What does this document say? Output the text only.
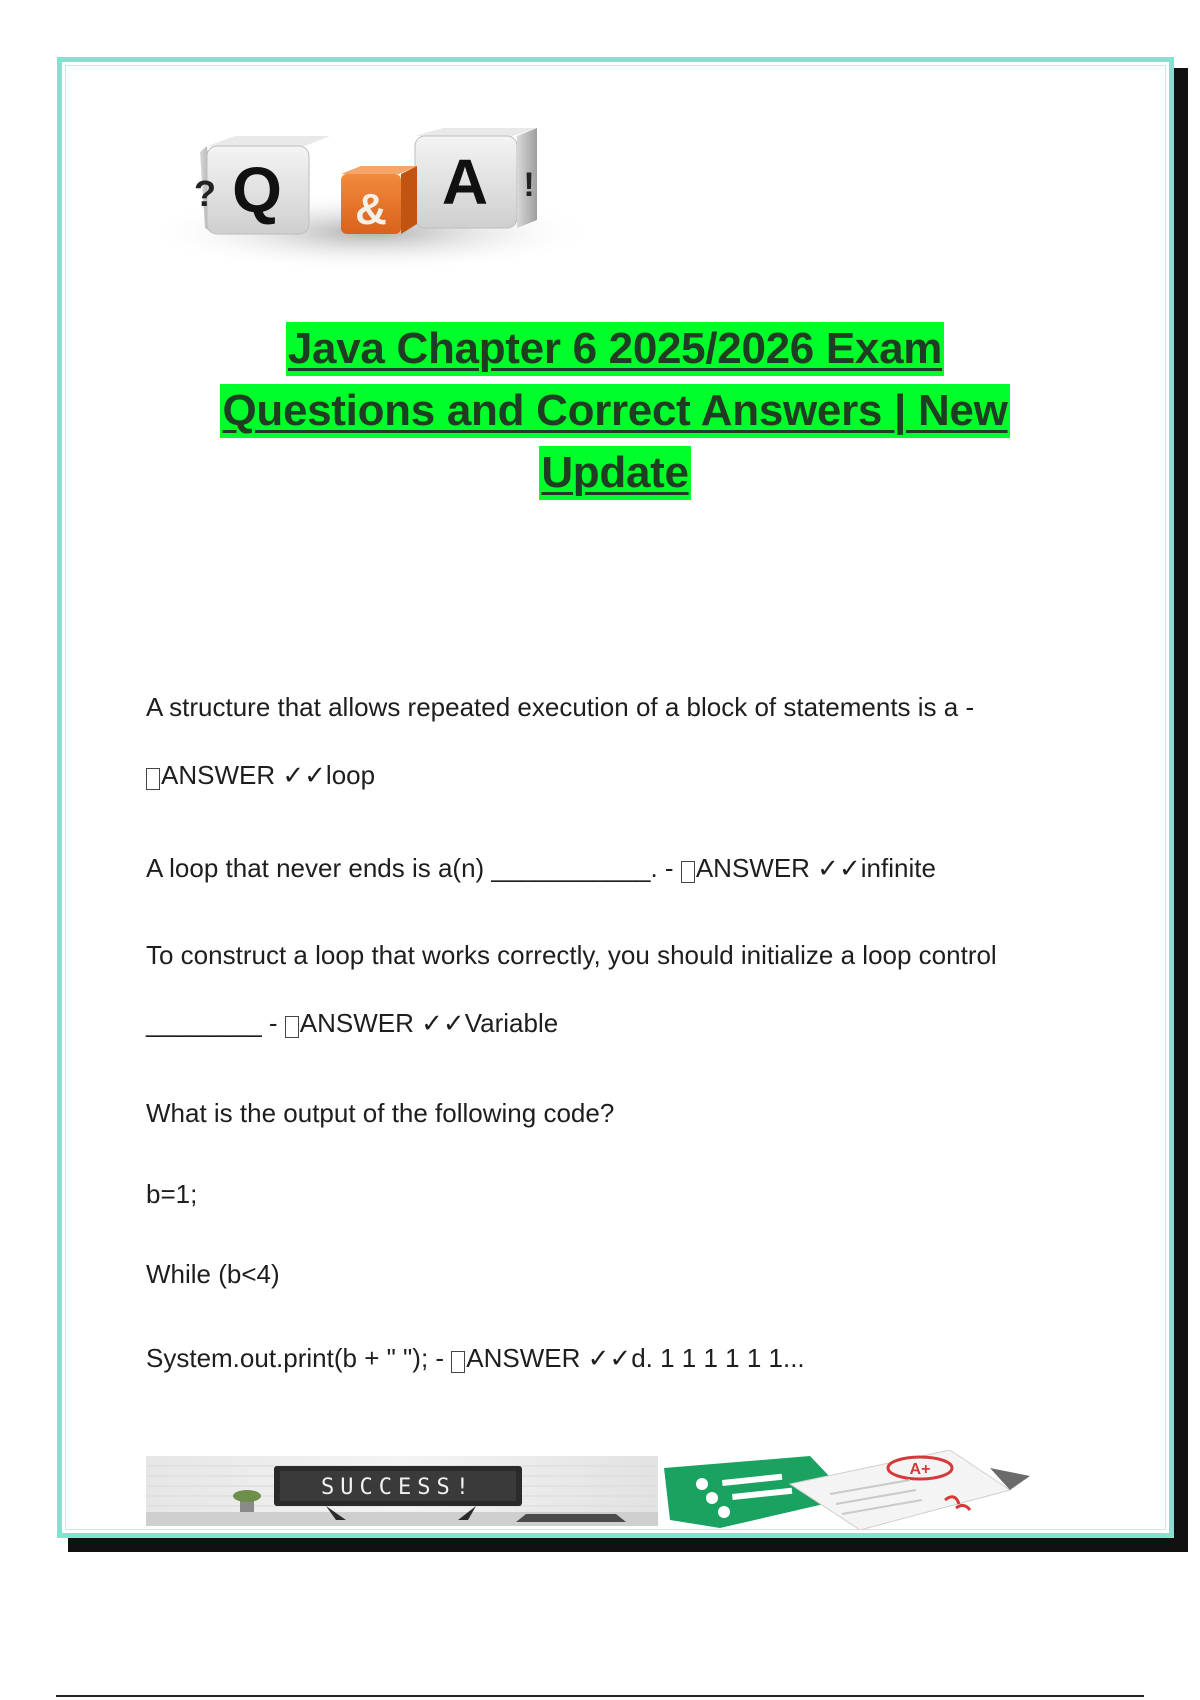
Q
?	A !
&
Java Chapter 6 2025/2026 Exam
Questions and Correct Answers | New
Update
A structure that allows repeated execution of a block of statements is a -
ANSWER ✓✓loop
A loop that never ends is a(n) ___________. - ANSWER ✓✓infinite
To construct a loop that works correctly, you should initialize a loop control
________ - ANSWER ✓✓Variable
What is the output of the following code?
b=1;
While (b<4)
System.out.print(b + " "); - ANSWER ✓✓d. 1 1 1 1 1 1...
SUCCESS!
A+
